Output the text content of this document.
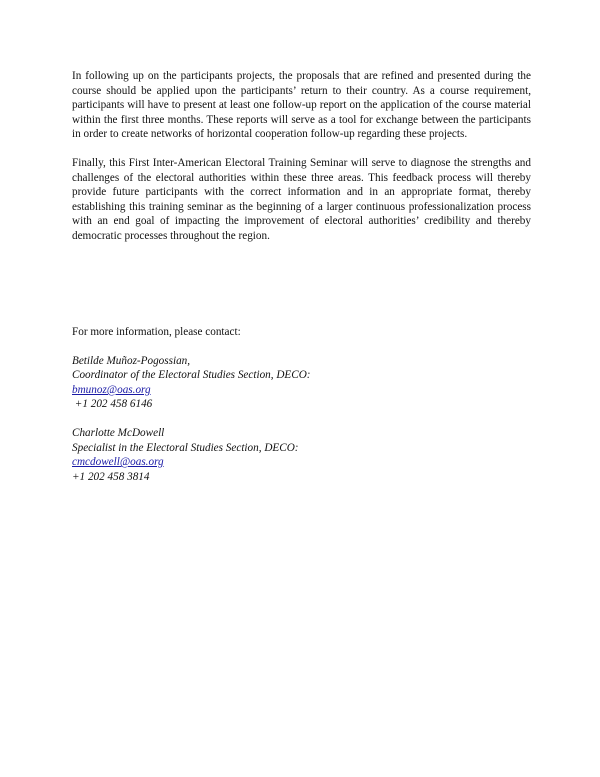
In following up on the participants projects, the proposals that are refined and presented during the course should be applied upon the participants’ return to their country. As a course requirement, participants will have to present at least one follow-up report on the application of the course material within the first three months. These reports will serve as a tool for exchange between the participants in order to create networks of horizontal cooperation follow-up regarding these projects.

Finally, this First Inter-American Electoral Training Seminar will serve to diagnose the strengths and challenges of the electoral authorities within these three areas. This feedback process will thereby provide future participants with the correct information and in an appropriate format, thereby establishing this training seminar as the beginning of a larger continuous professionalization process with an end goal of impacting the improvement of electoral authorities’ credibility and thereby democratic processes throughout the region.

For more information, please contact:

Betilde Muñoz-Pogossian,
Coordinator of the Electoral Studies Section, DECO:
bmunoz@oas.org
+1 202 458 6146
Charlotte McDowell
Specialist in the Electoral Studies Section, DECO:
cmcdowell@oas.org
+1 202 458 3814
